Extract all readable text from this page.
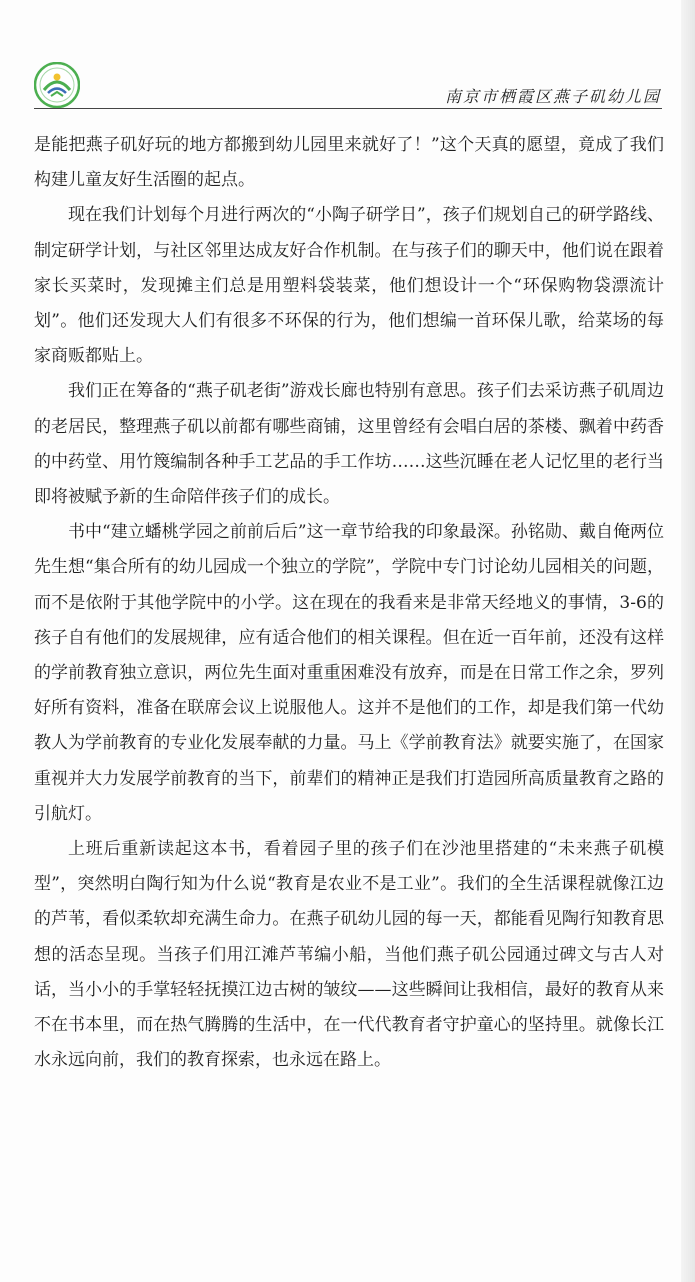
南京市栖霞区燕子矶幼儿园

是能把燕子矶好玩的地方都搬到幼儿园里来就好了！”这个天真的愿望，竟成了我们构建儿童友好生活圈的起点。

现在我们计划每个月进行两次的“小陶子研学日”，孩子们规划自己的研学路线、制定研学计划，与社区邻里达成友好合作机制。在与孩子们的聊天中，他们说在跟着家长买菜时，发现摊主们总是用塑料袋装菜，他们想设计一个“环保购物袋漂流计划”。他们还发现大人们有很多不环保的行为，他们想编一首环保儿歌，给菜场的每家商贩都贴上。

我们正在筹备的“燕子矶老街”游戏长廊也特别有意思。孩子们去采访燕子矶周边的老居民，整理燕子矶以前都有哪些商铺，这里曾经有会唱白居的茶楼、飘着中药香的中药堂、用竹篾编制各种手工艺品的手工作坊……这些沉睡在老人记忆里的老行当即将被赋予新的生命陪伴孩子们的成长。

书中“建立蟠桃学园之前前后后”这一章节给我的印象最深。孙铭勋、戴自俺两位先生想“集合所有的幼儿园成一个独立的学院”，学院中专门讨论幼儿园相关的问题，而不是依附于其他学院中的小学。这在现在的我看来是非常天经地义的事情，3-6的孩子自有他们的发展规律，应有适合他们的相关课程。但在近一百年前，还没有这样的学前教育独立意识，两位先生面对重重困难没有放弃，而是在日常工作之余，罗列好所有资料，准备在联席会议上说服他人。这并不是他们的工作，却是我们第一代幼教人为学前教育的专业化发展奉献的力量。马上《学前教育法》就要实施了，在国家重视并大力发展学前教育的当下，前辈们的精神正是我们打造园所高质量教育之路的引航灯。

上班后重新读起这本书，看着园子里的孩子们在沙池里搭建的“未来燕子矶模型”，突然明白陶行知为什么说“教育是农业不是工业”。我们的全生活课程就像江边的芦苇，看似柔软却充满生命力。在燕子矶幼儿园的每一天，都能看见陶行知教育思想的活态呈现。当孩子们用江滩芦苇编小船，当他们燕子矶公园通过碑文与古人对话，当小小的手掌轻轻抚摸江边古树的皱纹——这些瞬间让我相信，最好的教育从来不在书本里，而在热气腾腾的生活中，在一代代教育者守护童心的坚持里。就像长江水永远向前，我们的教育探索，也永远在路上。
